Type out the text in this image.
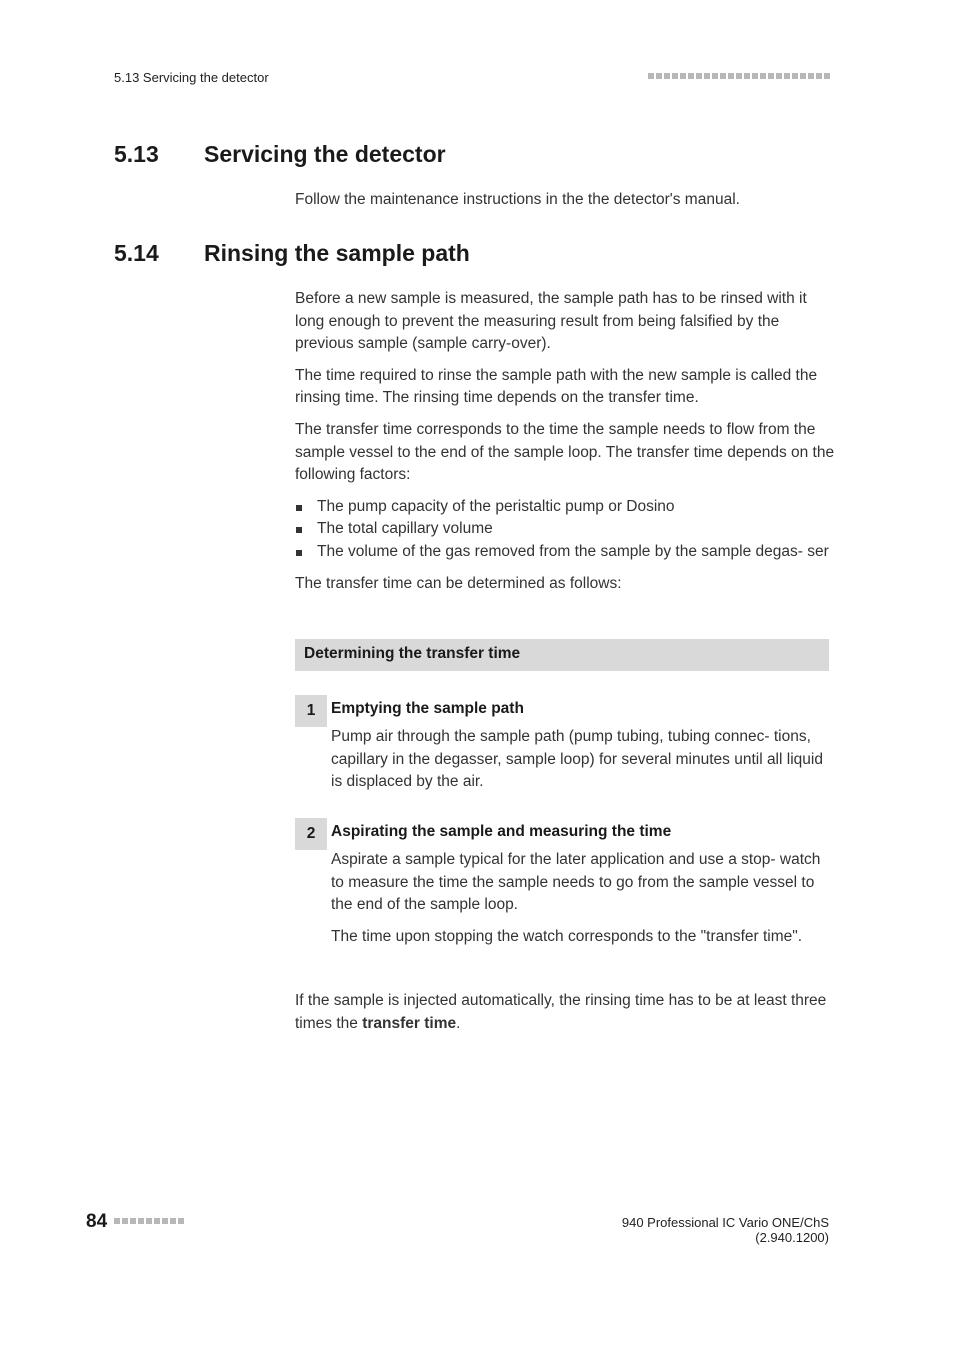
5.13 Servicing the detector
5.13	Servicing the detector

Follow the maintenance instructions in the the detector's manual.

5.14	Rinsing the sample path

Before a new sample is measured, the sample path has to be rinsed with it long enough to prevent the measuring result from being falsified by the previous sample (sample carry-over).

The time required to rinse the sample path with the new sample is called the rinsing time. The rinsing time depends on the transfer time.

The transfer time corresponds to the time the sample needs to flow from the sample vessel to the end of the sample loop. The transfer time depends on the following factors:

The pump capacity of the peristaltic pump or Dosino
The total capillary volume
The volume of the gas removed from the sample by the sample degas- ser

The transfer time can be determined as follows:

Determining the transfer time
1	Emptying the sample path

Pump air through the sample path (pump tubing, tubing connec- tions, capillary in the degasser, sample loop) for several minutes until all liquid is displaced by the air.

2	Aspirating the sample and measuring the time

Aspirate a sample typical for the later application and use a stop- watch to measure the time the sample needs to go from the sample vessel to the end of the sample loop.

The time upon stopping the watch corresponds to the "transfer time".

If the sample is injected automatically, the rinsing time has to be at least three times the transfer time.

84	940 Professional IC Vario ONE/ChS (2.940.1200)
